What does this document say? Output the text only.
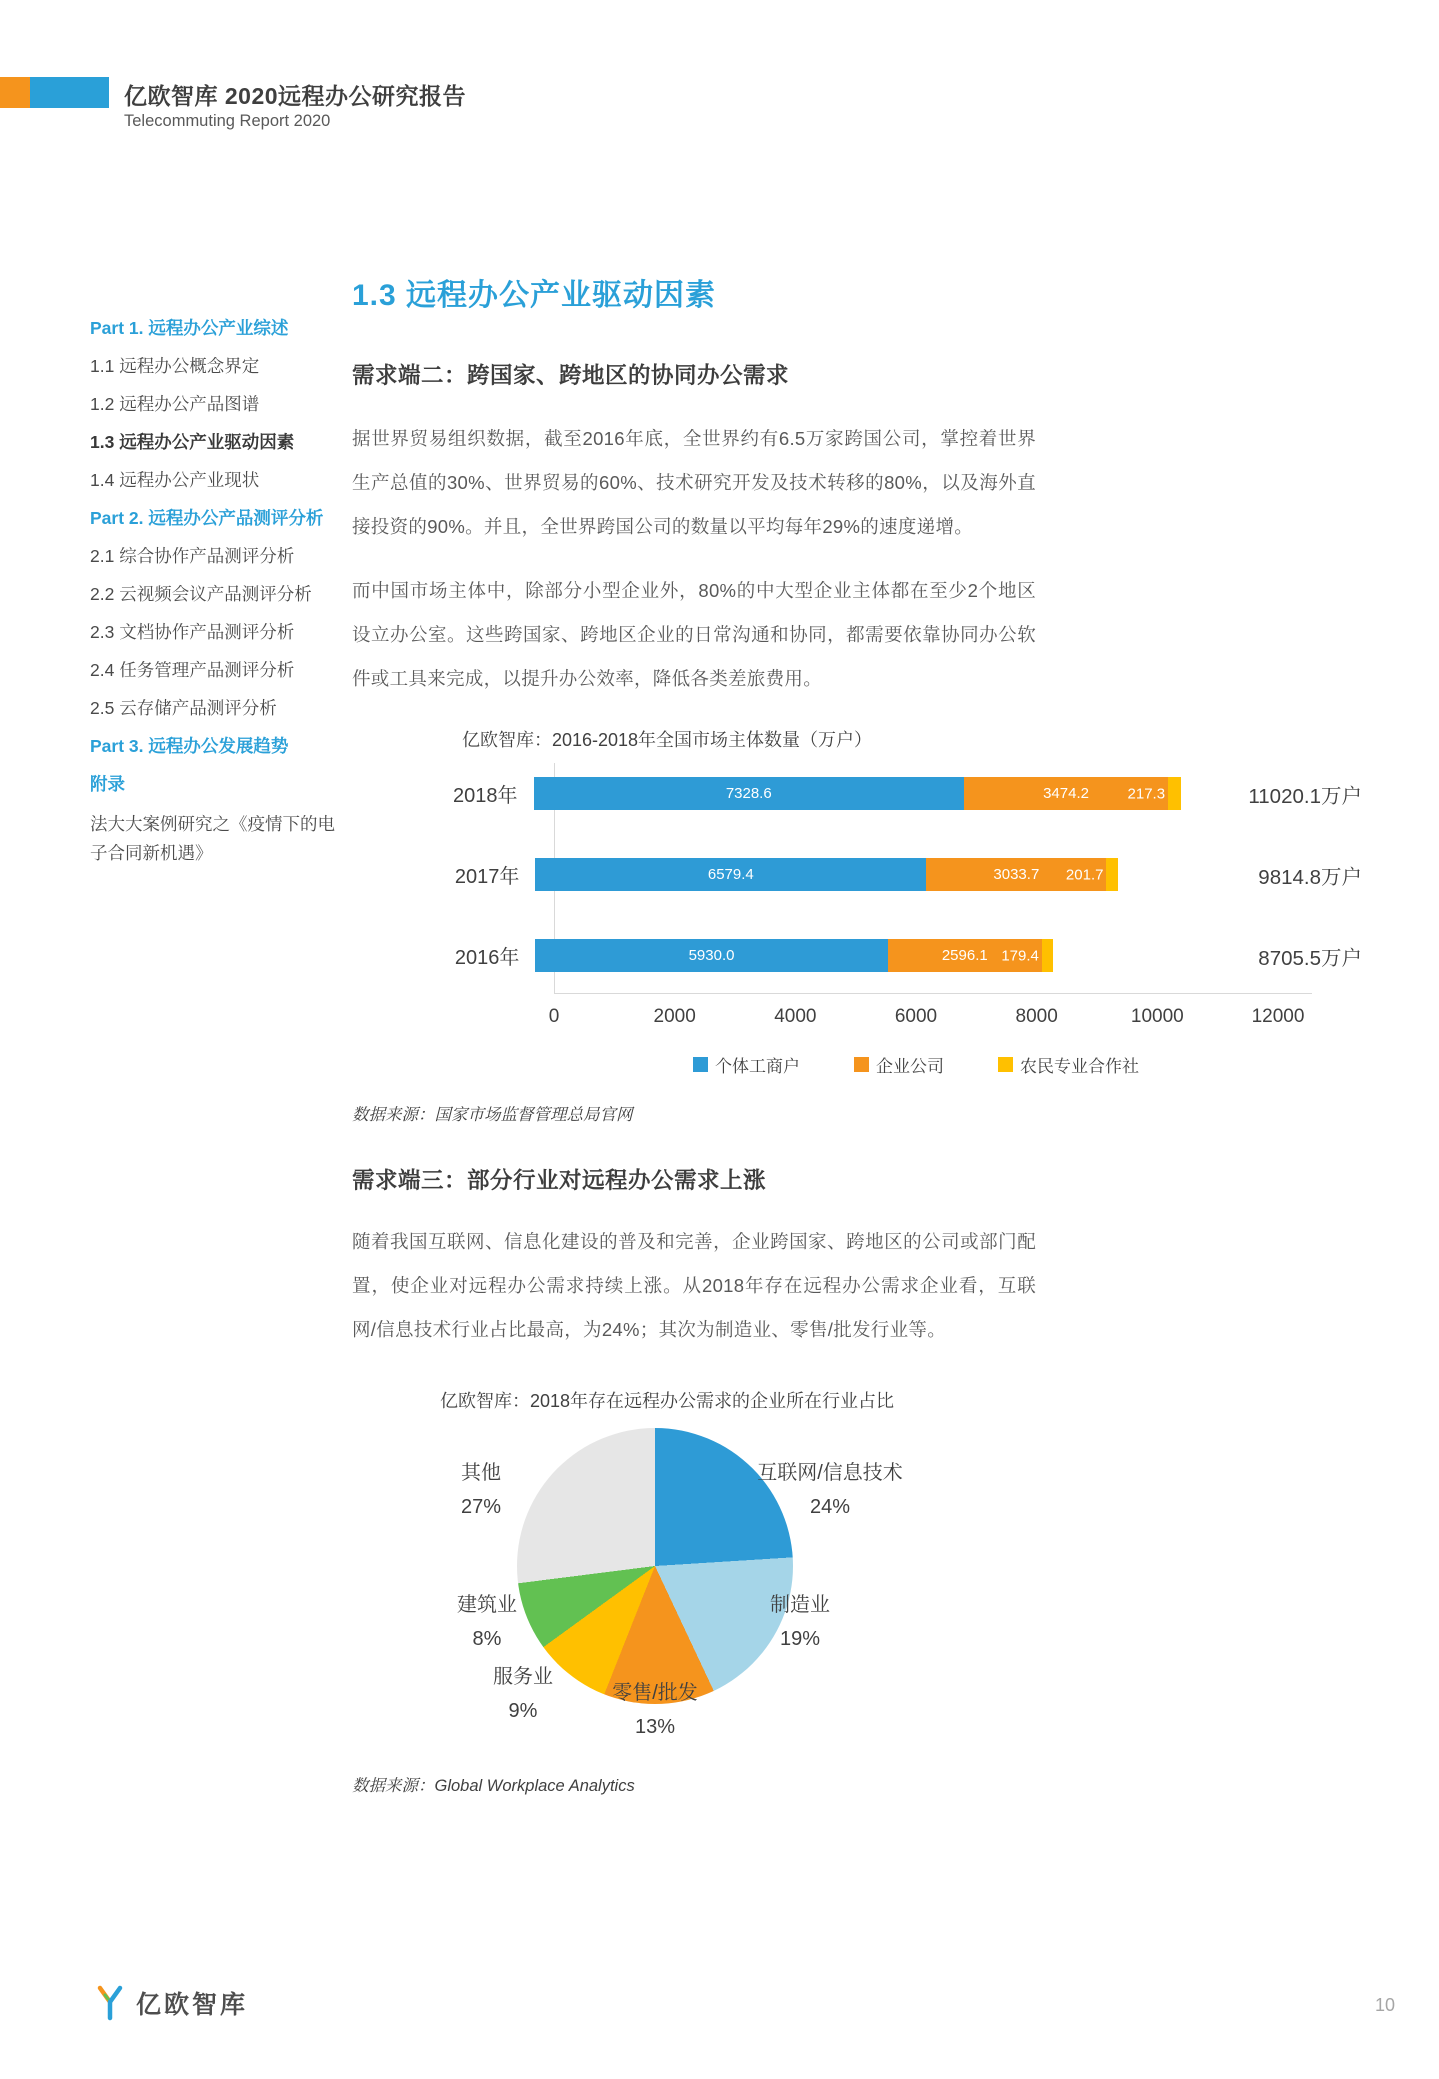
亿欧智库 2020远程办公研究报告
Telecommuting Report 2020
Part 1. 远程办公产业综述
1.1 远程办公概念界定
1.2 远程办公产品图谱
1.3 远程办公产业驱动因素
1.4 远程办公产业现状
Part 2. 远程办公产品测评分析
2.1 综合协作产品测评分析
2.2 云视频会议产品测评分析
2.3 文档协作产品测评分析
2.4 任务管理产品测评分析
2.5 云存储产品测评分析
Part 3. 远程办公发展趋势
附录
法大大案例研究之《疫情下的电子合同新机遇》
1.3 远程办公产业驱动因素
需求端二：跨国家、跨地区的协同办公需求
据世界贸易组织数据，截至2016年底，全世界约有6.5万家跨国公司，掌控着世界生产总值的30%、世界贸易的60%、技术研究开发及技术转移的80%，以及海外直接投资的90%。并且，全世界跨国公司的数量以平均每年29%的速度递增。
而中国市场主体中，除部分小型企业外，80%的中大型企业主体都在至少2个地区设立办公室。这些跨国家、跨地区企业的日常沟通和协同，都需要依靠协同办公软件或工具来完成，以提升办公效率，降低各类差旅费用。
亿欧智库：2016-2018年全国市场主体数量（万户）
2018年	7328.6	3474.2	217.3	11020.1万户
2017年	6579.4	3033.7 201.7	9814.8万户
2016年	5930.0	2596.1 179.4	8705.5万户
0	2000	4000	6000	8000	10000	12000
个体工商户	企业公司	农民专业合作社
数据来源：国家市场监督管理总局官网
需求端三：部分行业对远程办公需求上涨
随着我国互联网、信息化建设的普及和完善，企业跨国家、跨地区的公司或部门配置，使企业对远程办公需求持续上涨。从2018年存在远程办公需求企业看，互联网/信息技术行业占比最高，为24%；其次为制造业、零售/批发行业等。
亿欧智库：2018年存在远程办公需求的企业所在行业占比
互联网/信息技术
24%
制造业
19%
零售/批发
13%
服务业
9%
建筑业
8%
其他
27%
数据来源：Global Workplace Analytics
亿欧智库	10
